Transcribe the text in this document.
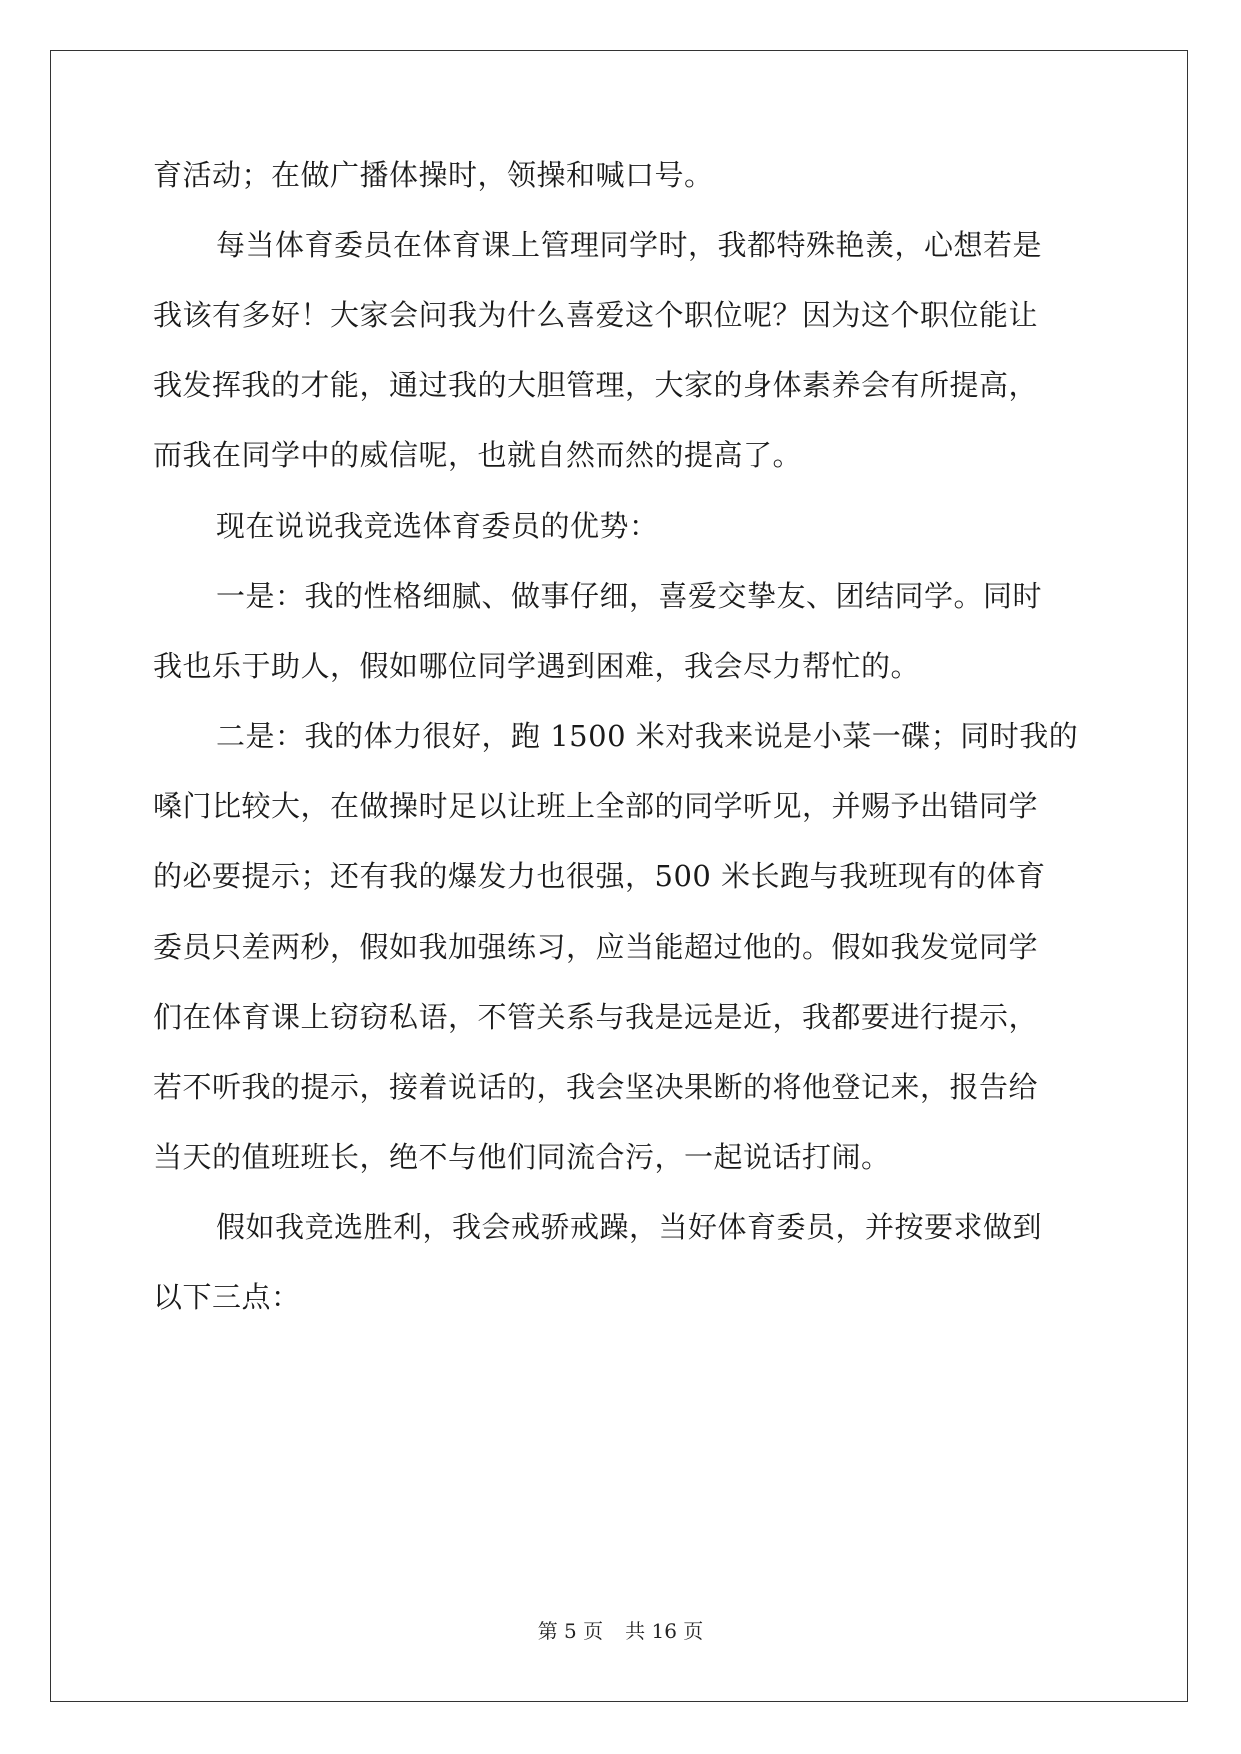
育活动；在做广播体操时，领操和喊口号。
每当体育委员在体育课上管理同学时，我都特殊艳羡，心想若是
我该有多好！大家会问我为什么喜爱这个职位呢？因为这个职位能让
我发挥我的才能，通过我的大胆管理，大家的身体素养会有所提高，
而我在同学中的威信呢，也就自然而然的提高了。
现在说说我竞选体育委员的优势：
一是：我的性格细腻、做事仔细，喜爱交挚友、团结同学。同时
我也乐于助人，假如哪位同学遇到困难，我会尽力帮忙的。
二是：我的体力很好，跑 1500 米对我来说是小菜一碟；同时我的
嗓门比较大，在做操时足以让班上全部的同学听见，并赐予出错同学
的必要提示；还有我的爆发力也很强，500 米长跑与我班现有的体育
委员只差两秒，假如我加强练习，应当能超过他的。假如我发觉同学
们在体育课上窃窃私语，不管关系与我是远是近，我都要进行提示，
若不听我的提示，接着说话的，我会坚决果断的将他登记来，报告给
当天的值班班长，绝不与他们同流合污，一起说话打闹。
假如我竞选胜利，我会戒骄戒躁，当好体育委员，并按要求做到
以下三点：
第 5 页 共 16 页
